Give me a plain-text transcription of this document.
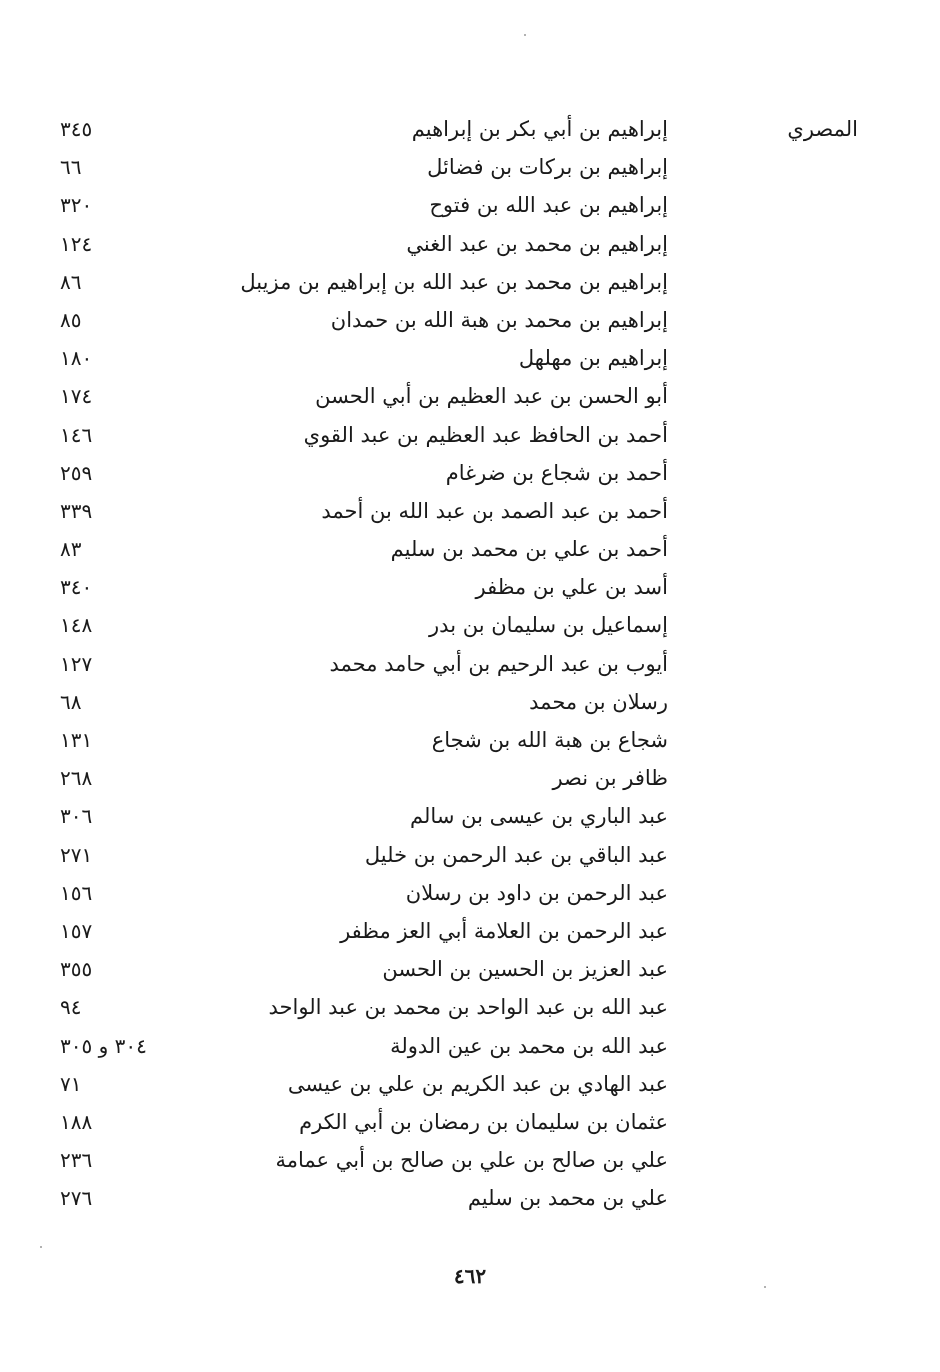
المصري
إبراهيم بن أبي بكر بن إبراهيم
٣٤٥
إبراهيم بن بركات بن فضائل
٦٦
إبراهيم بن عبد الله بن فتوح
٣٢٠
إبراهيم بن محمد بن عبد الغني
١٢٤
إبراهيم بن محمد بن عبد الله بن إبراهيم بن مزيبل
٨٦
إبراهيم بن محمد بن هبة الله بن حمدان
٨٥
إبراهيم بن مهلهل
١٨٠
أبو الحسن بن عبد العظيم بن أبي الحسن
١٧٤
أحمد بن الحافظ عبد العظيم بن عبد القوي
١٤٦
أحمد بن شجاع بن ضرغام
٢٥٩
أحمد بن عبد الصمد بن عبد الله بن أحمد
٣٣٩
أحمد بن علي بن محمد بن سليم
٨٣
أسد بن علي بن مظفر
٣٤٠
إسماعيل بن سليمان بن بدر
١٤٨
أيوب بن عبد الرحيم بن أبي حامد محمد
١٢٧
رسلان بن محمد
٦٨
شجاع بن هبة الله بن شجاع
١٣١
ظافر بن نصر
٢٦٨
عبد الباري بن عيسى بن سالم
٣٠٦
عبد الباقي بن عبد الرحمن بن خليل
٢٧١
عبد الرحمن بن داود بن رسلان
١٥٦
عبد الرحمن بن العلامة أبي العز مظفر
١٥٧
عبد العزيز بن الحسين بن الحسن
٣٥٥
عبد الله بن عبد الواحد بن محمد بن عبد الواحد
٩٤
عبد الله بن محمد بن عين الدولة
٣٠٤ و ٣٠٥
عبد الهادي بن عبد الكريم بن علي بن عيسى
٧١
عثمان بن سليمان بن رمضان بن أبي الكرم
١٨٨
علي بن صالح بن علي بن صالح بن أبي عمامة
٢٣٦
علي بن محمد بن سليم
٢٧٦
٤٦٢
